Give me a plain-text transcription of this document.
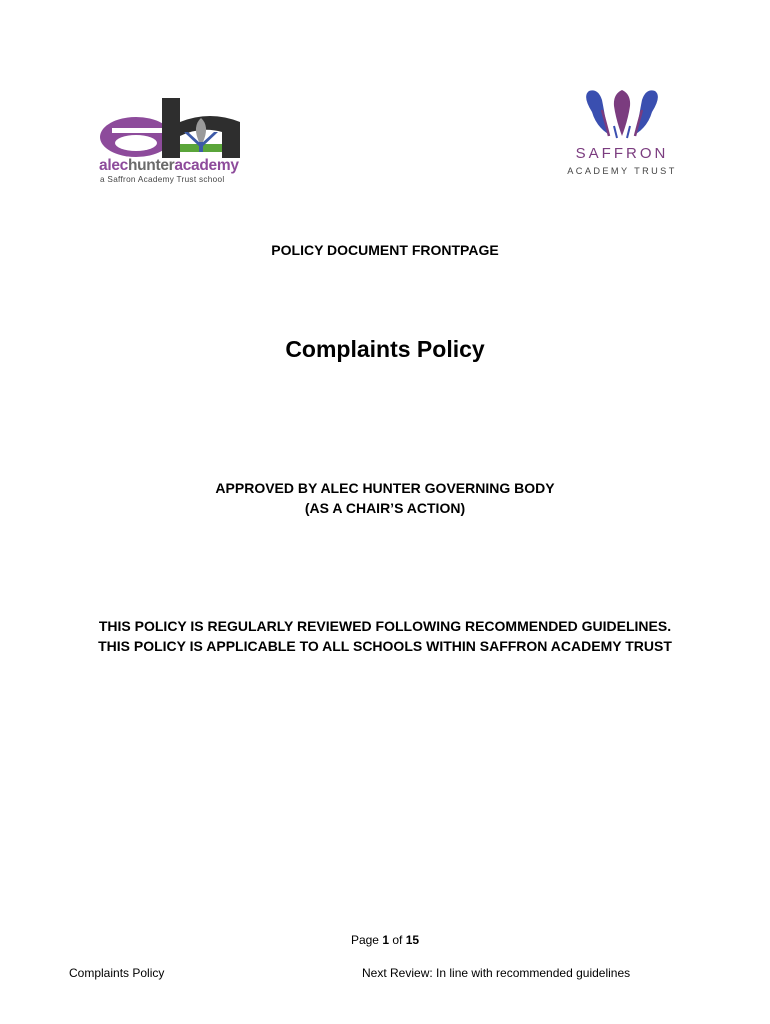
alechunteracademy
a Saffron Academy Trust school
SAFFRON
ACADEMY TRUST
POLICY DOCUMENT FRONTPAGE
Complaints Policy
APPROVED BY ALEC HUNTER GOVERNING BODY
(AS A CHAIR’S ACTION)
THIS POLICY IS REGULARLY REVIEWED FOLLOWING RECOMMENDED GUIDELINES.
THIS POLICY IS APPLICABLE TO ALL SCHOOLS WITHIN SAFFRON ACADEMY TRUST
Page 1 of 15
Complaints Policy	Next Review: In line with recommended guidelines
